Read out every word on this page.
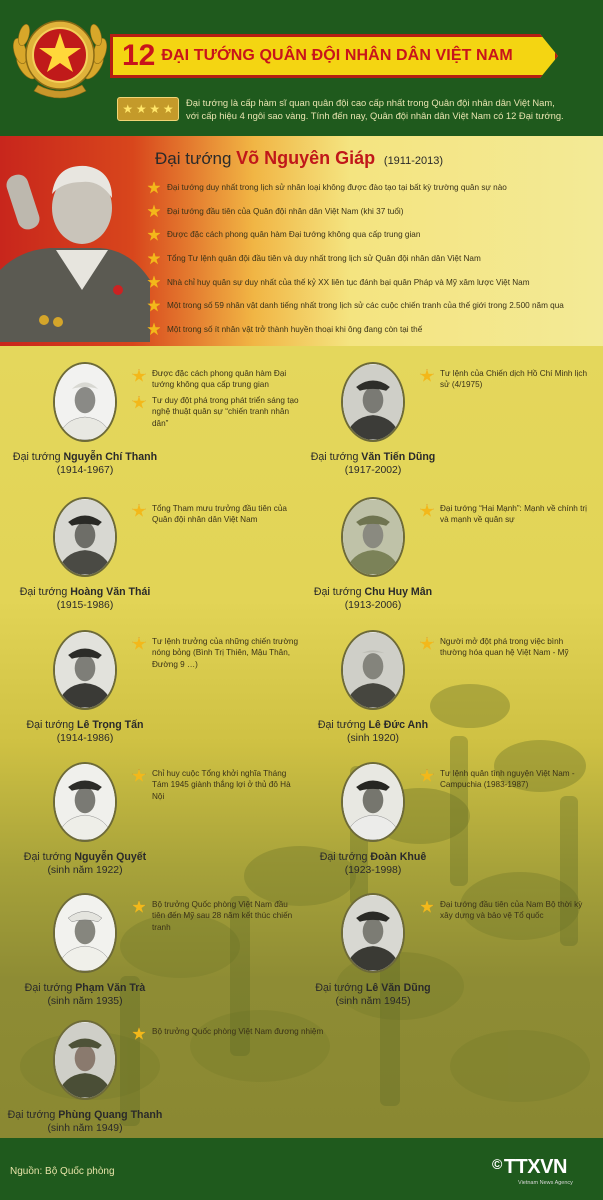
12 ĐẠI TƯỚNG QUÂN ĐỘI NHÂN DÂN VIỆT NAM
★ ★ ★ ★ Đại tướng là cấp hàm sĩ quan quân đội cao cấp nhất trong Quân đội nhân dân Việt Nam,
với cấp hiệu 4 ngôi sao vàng. Tính đến nay, Quân đội nhân dân Việt Nam có 12 Đại tướng.
Đại tướng Võ Nguyên Giáp (1911-2013)
Đại tướng duy nhất trong lịch sử nhân loại không được đào tạo tại bất kỳ trường quân sự nào
Đại tướng đầu tiên của Quân đội nhân dân Việt Nam (khi 37 tuổi)
Được đặc cách phong quân hàm Đại tướng không qua cấp trung gian
Tổng Tư lệnh quân đội đầu tiên và duy nhất trong lịch sử Quân đội nhân dân Việt Nam
Nhà chỉ huy quân sự duy nhất của thế kỷ XX liên tục đánh bại quân Pháp và Mỹ xâm lược Việt Nam
Một trong số 59 nhân vật danh tiếng nhất trong lịch sử các cuộc chiến tranh của thế giới trong 2.500 năm qua
Một trong số ít nhân vật trở thành huyền thoại khi ông đang còn tại thế
Đại tướng Nguyễn Chí Thanh
(1914-1967)
Được đặc cách phong quân hàm Đại tướng không qua cấp trung gian
Tư duy đột phá trong phát triển sáng tạo nghệ thuật quân sự “chiến tranh nhân dân”
Đại tướng Văn Tiến Dũng
(1917-2002)
Tư lệnh của Chiến dịch Hồ Chí Minh lịch sử (4/1975)
Đại tướng Hoàng Văn Thái
(1915-1986)
Tổng Tham mưu trưởng đầu tiên của Quân đội nhân dân Việt Nam
Đại tướng Chu Huy Mân
(1913-2006)
Đại tướng “Hai Mạnh”: Mạnh về chính trị và mạnh về quân sự
Đại tướng Lê Trọng Tấn
(1914-1986)
Tư lệnh trưởng của những chiến trường nóng bỏng (Bình Trị Thiên, Mậu Thân, Đường 9 …)
Đại tướng Lê Đức Anh
(sinh 1920)
Người mở đột phá trong việc bình thường hóa quan hệ Việt Nam - Mỹ
Đại tướng Nguyễn Quyết
(sinh năm 1922)
Chỉ huy cuộc Tổng khởi nghĩa Tháng Tám 1945 giành thắng lợi ở thủ đô Hà Nội
Đại tướng Đoàn Khuê
(1923-1998)
Tư lệnh quân tình nguyện Việt Nam - Campuchia (1983-1987)
Đại tướng Phạm Văn Trà
(sinh năm 1935)
Bộ trưởng Quốc phòng Việt Nam đầu tiên đến Mỹ sau 28 năm kết thúc chiến tranh
Đại tướng Lê Văn Dũng
(sinh năm 1945)
Đại tướng đầu tiên của Nam Bộ thời kỳ xây dựng và bảo vệ Tổ quốc
Đại tướng Phùng Quang Thanh
(sinh năm 1949)
Bộ trưởng Quốc phòng Việt Nam đương nhiệm
Nguồn: Bộ Quốc phòng	© TTXVN
Vietnam News Agency
